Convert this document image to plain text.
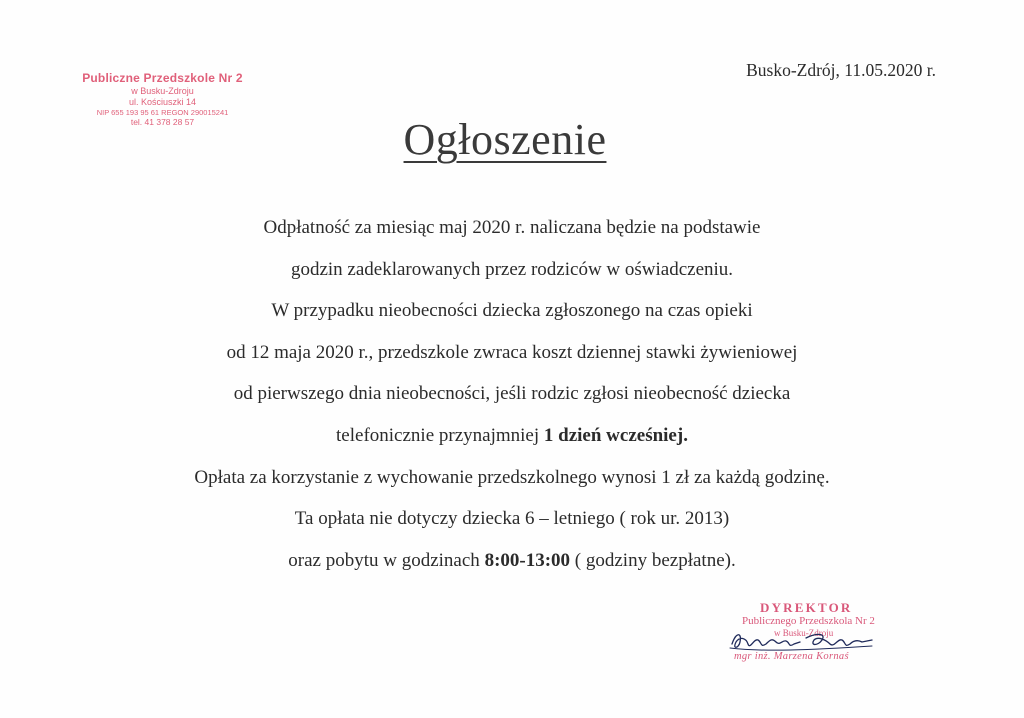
Publiczne Przedszkole Nr 2
w Busku-Zdroju
ul. Kościuszki 14
NIP 655 193 95 61 REGON 290015241
tel. 41 378 28 57
Busko-Zdrój, 11.05.2020 r.
Ogłoszenie
Odpłatność za miesiąc maj 2020 r. naliczana będzie na podstawie
godzin zadeklarowanych przez rodziców w oświadczeniu.
W przypadku nieobecności dziecka zgłoszonego na czas opieki
od 12 maja 2020 r., przedszkole zwraca koszt dziennej stawki żywieniowej
od pierwszego dnia nieobecności, jeśli rodzic zgłosi nieobecność dziecka
telefonicznie przynajmniej 1 dzień wcześniej.
Opłata za korzystanie z wychowanie przedszkolnego wynosi 1 zł za każdą godzinę.
Ta opłata nie dotyczy dziecka 6 – letniego ( rok ur. 2013)
oraz pobytu w godzinach 8:00-13:00 ( godziny bezpłatne).
DYREKTOR
Publicznego Przedszkola Nr 2
w Busku-Zdroju
mgr inż. Marzena Kornaś
